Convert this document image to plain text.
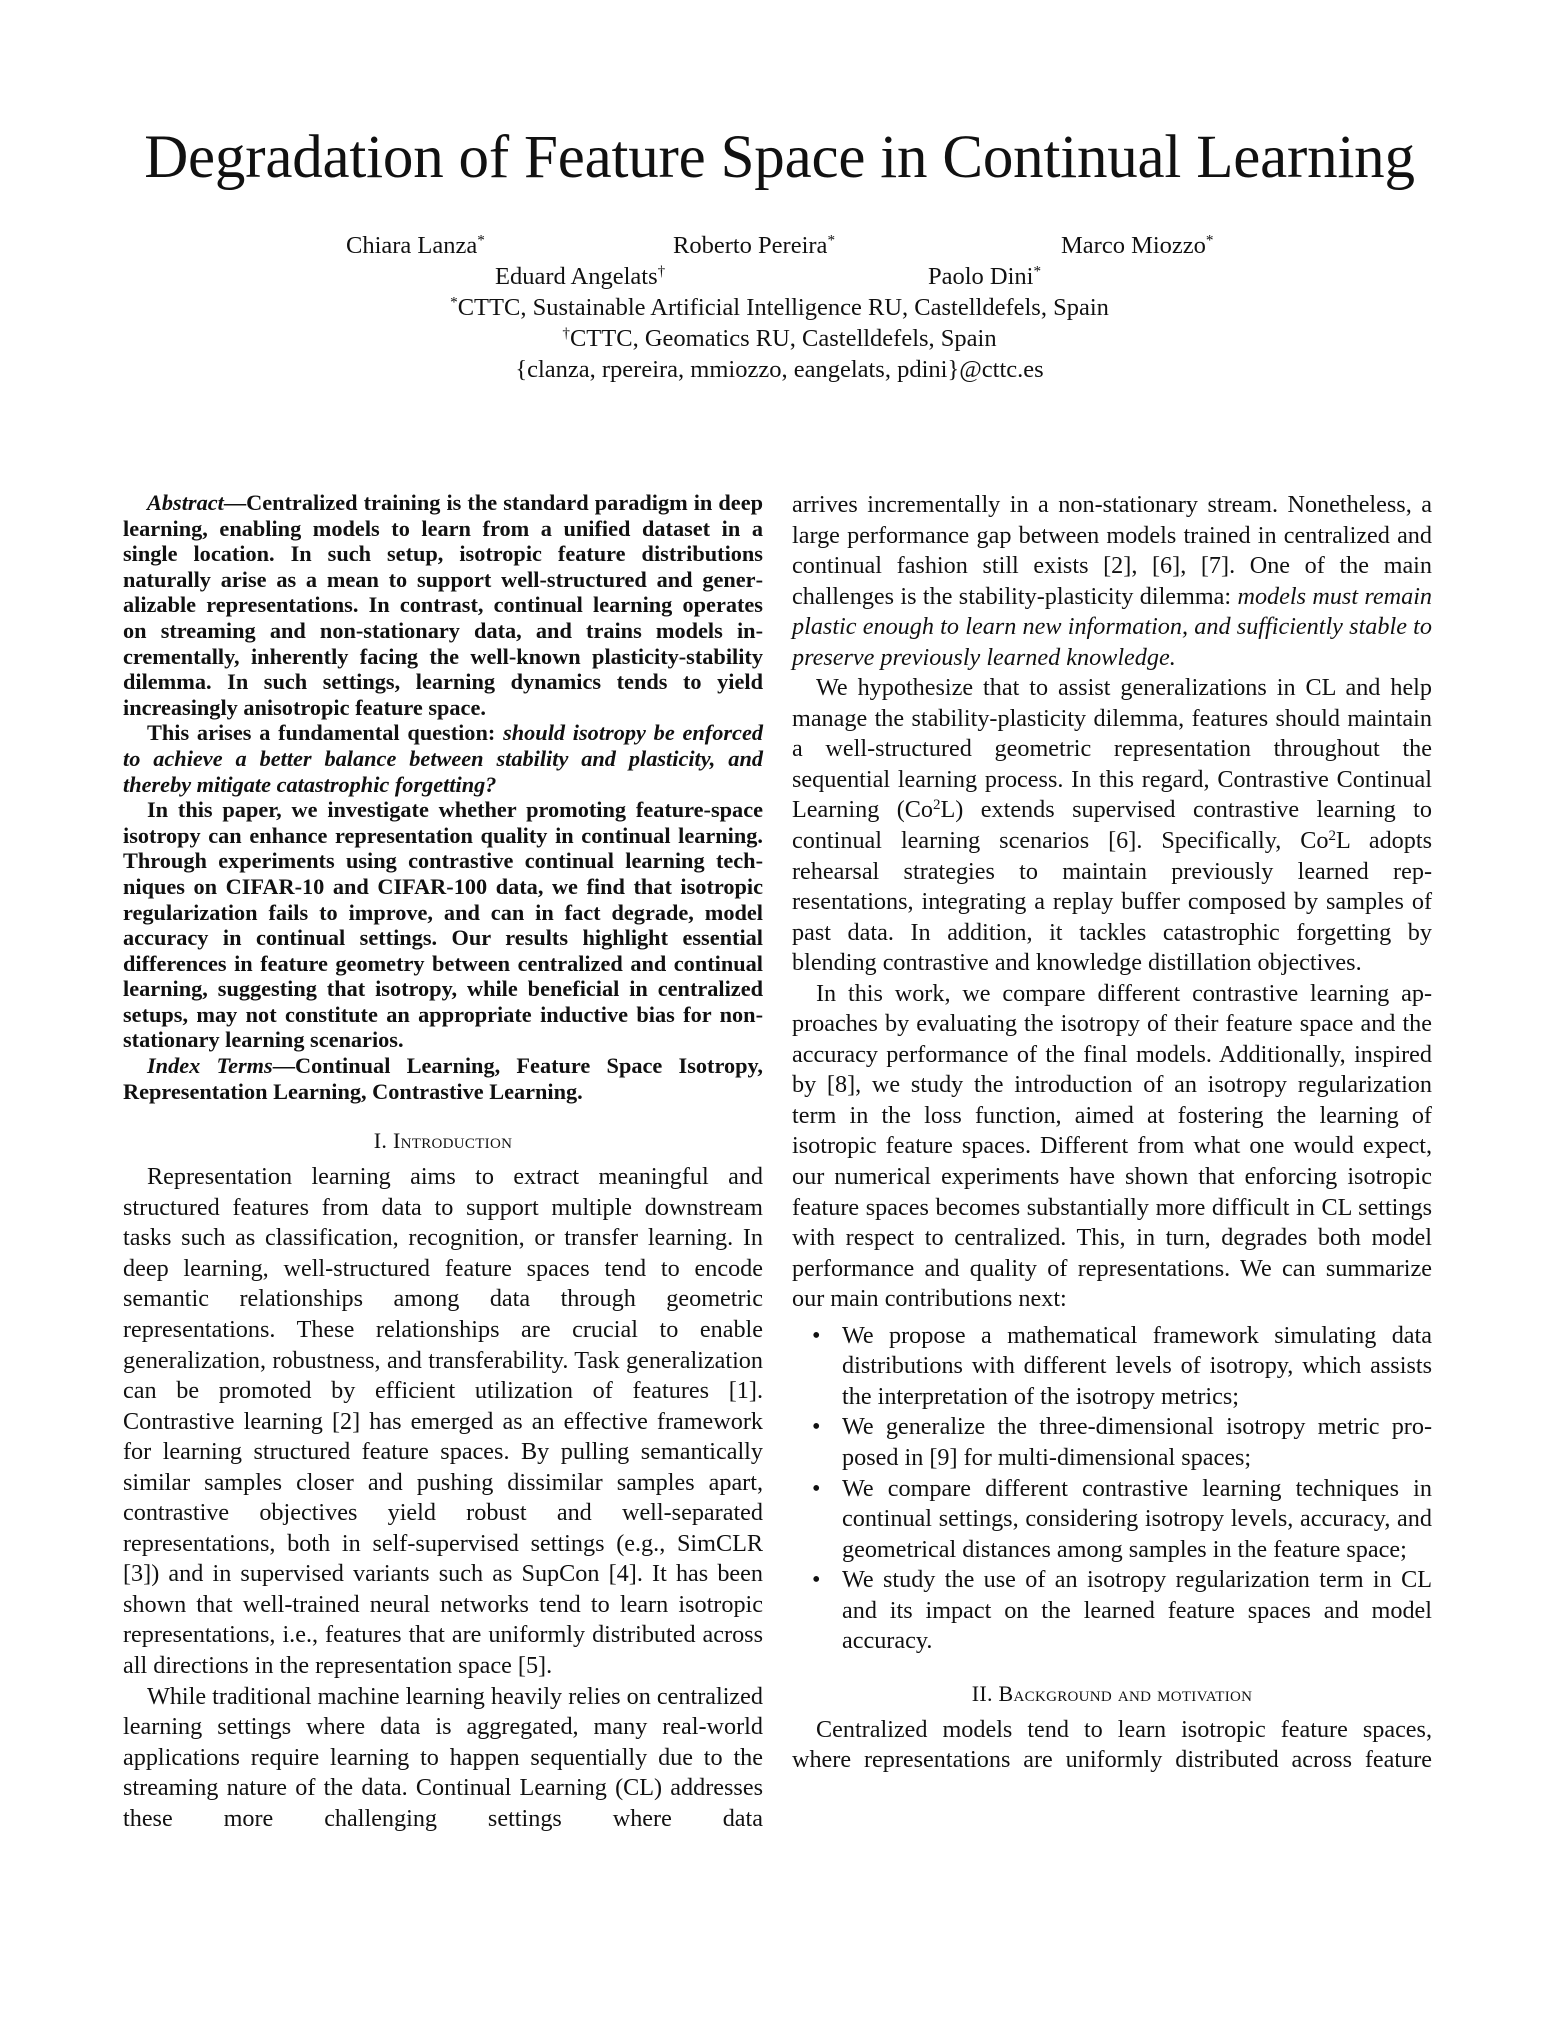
Degradation of Feature Space in Continual Learning
Chiara Lanza*	Roberto Pereira*	Marco Miozzo*
Eduard Angelats†	Paolo Dini*
*CTTC, Sustainable Artificial Intelligence RU, Castelldefels, Spain
†CTTC, Geomatics RU, Castelldefels, Spain
{clanza, rpereira, mmiozzo, eangelats, pdini}@cttc.es

Abstract—Centralized training is the standard paradigm in deep learning, enabling models to learn from a unified dataset in a single location. In such setup, isotropic feature distributions naturally arise as a mean to support well-structured and generalizable representations. In contrast, continual learning operates on streaming and non-stationary data, and trains models incrementally, inherently facing the well-known plasticity-stability dilemma. In such settings, learning dynamics tends to yield increasingly anisotropic feature space.

This arises a fundamental question: should isotropy be enforced to achieve a better balance between stability and plasticity, and thereby mitigate catastrophic forgetting?

In this paper, we investigate whether promoting feature-space isotropy can enhance representation quality in continual learning. Through experiments using contrastive continual learning techniques on CIFAR-10 and CIFAR-100 data, we find that isotropic regularization fails to improve, and can in fact degrade, model accuracy in continual settings. Our results highlight essential differences in feature geometry between centralized and continual learning, suggesting that isotropy, while beneficial in centralized setups, may not constitute an appropriate inductive bias for nonstationary learning scenarios.

Index Terms—Continual Learning, Feature Space Isotropy, Representation Learning, Contrastive Learning.

I. Introduction

Representation learning aims to extract meaningful and structured features from data to support multiple downstream tasks such as classification, recognition, or transfer learning. In deep learning, well-structured feature spaces tend to encode semantic relationships among data through geometric representations. These relationships are crucial to enable generalization, robustness, and transferability. Task generalization can be promoted by efficient utilization of features [1]. Contrastive learning [2] has emerged as an effective framework for learning structured feature spaces. By pulling semantically similar samples closer and pushing dissimilar samples apart, contrastive objectives yield robust and well-separated representations, both in self-supervised settings (e.g., SimCLR [3]) and in supervised variants such as SupCon [4]. It has been shown that well-trained neural networks tend to learn isotropic representations, i.e., features that are uniformly distributed across all directions in the representation space [5].

While traditional machine learning heavily relies on centralized learning settings where data is aggregated, many real-world applications require learning to happen sequentially due to the streaming nature of the data. Continual Learning (CL) addresses these more challenging settings where data

arrives incrementally in a non-stationary stream. Nonetheless, a large performance gap between models trained in centralized and continual fashion still exists [2], [6], [7]. One of the main challenges is the stability-plasticity dilemma: models must remain plastic enough to learn new information, and sufficiently stable to preserve previously learned knowledge.

We hypothesize that to assist generalizations in CL and help manage the stability-plasticity dilemma, features should maintain a well-structured geometric representation throughout the sequential learning process. In this regard, Contrastive Continual Learning (Co$^2$L) extends supervised contrastive learning to continual learning scenarios [6]. Specifically, Co$^2$L adopts rehearsal strategies to maintain previously learned representations, integrating a replay buffer composed by samples of past data. In addition, it tackles catastrophic forgetting by blending contrastive and knowledge distillation objectives.

In this work, we compare different contrastive learning approaches by evaluating the isotropy of their feature space and the accuracy performance of the final models. Additionally, inspired by [8], we study the introduction of an isotropy regularization term in the loss function, aimed at fostering the learning of isotropic feature spaces. Different from what one would expect, our numerical experiments have shown that enforcing isotropic feature spaces becomes substantially more difficult in CL settings with respect to centralized. This, in turn, degrades both model performance and quality of representations. We can summarize our main contributions next:

• We propose a mathematical framework simulating data distributions with different levels of isotropy, which assists the interpretation of the isotropy metrics;
• We generalize the three-dimensional isotropy metric proposed in [9] for multi-dimensional spaces;
• We compare different contrastive learning techniques in continual settings, considering isotropy levels, accuracy, and geometrical distances among samples in the feature space;
• We study the use of an isotropy regularization term in CL and its impact on the learned feature spaces and model accuracy.
II. Background and motivation

Centralized models tend to learn isotropic feature spaces, where representations are uniformly distributed across feature
